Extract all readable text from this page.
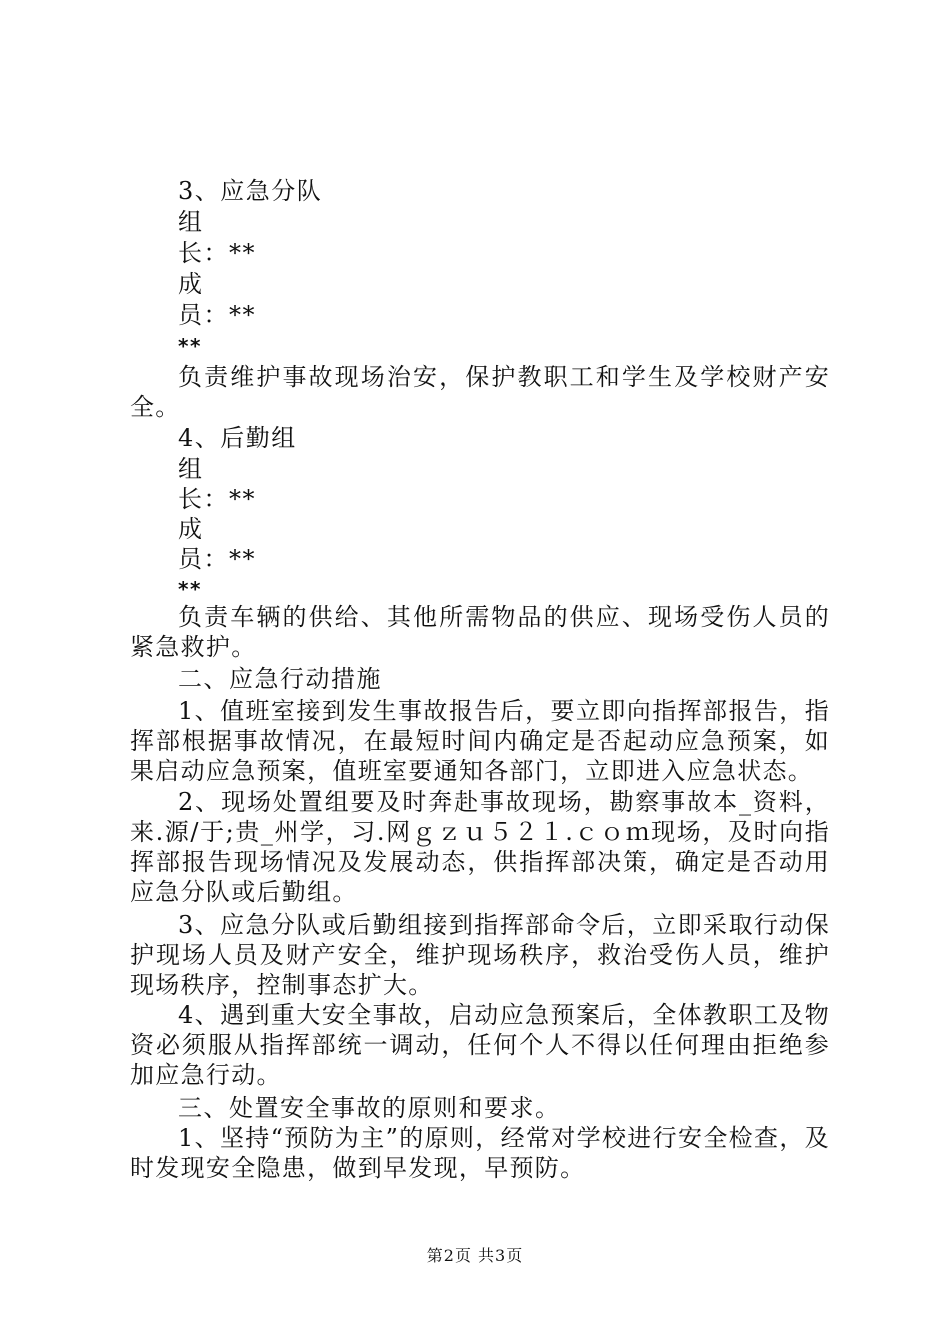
3、应急分队
组
长：**
成
员：**
**
负责维护事故现场治安，保护教职工和学生及学校财产安全。
4、后勤组
组
长：**
成
员：**
**
负责车辆的供给、其他所需物品的供应、现场受伤人员的紧急救护。
二、应急行动措施
1、值班室接到发生事故报告后，要立即向指挥部报告，指挥部根据事故情况，在最短时间内确定是否起动应急预案，如果启动应急预案，值班室要通知各部门，立即进入应急状态。
2、现场处置组要及时奔赴事故现场，勘察事故本_资料，来.源/于;贵_州学，习.网ｇｚｕ５２１.ｃｏｍ现场，及时向指挥部报告现场情况及发展动态，供指挥部决策，确定是否动用应急分队或后勤组。
3、应急分队或后勤组接到指挥部命令后，立即采取行动保护现场人员及财产安全，维护现场秩序，救治受伤人员，维护现场秩序，控制事态扩大。
4、遇到重大安全事故，启动应急预案后，全体教职工及物资必须服从指挥部统一调动，任何个人不得以任何理由拒绝参加应急行动。
三、处置安全事故的原则和要求。
1、坚持“预防为主”的原则，经常对学校进行安全检查，及时发现安全隐患，做到早发现，早预防。
第2页 共3页
